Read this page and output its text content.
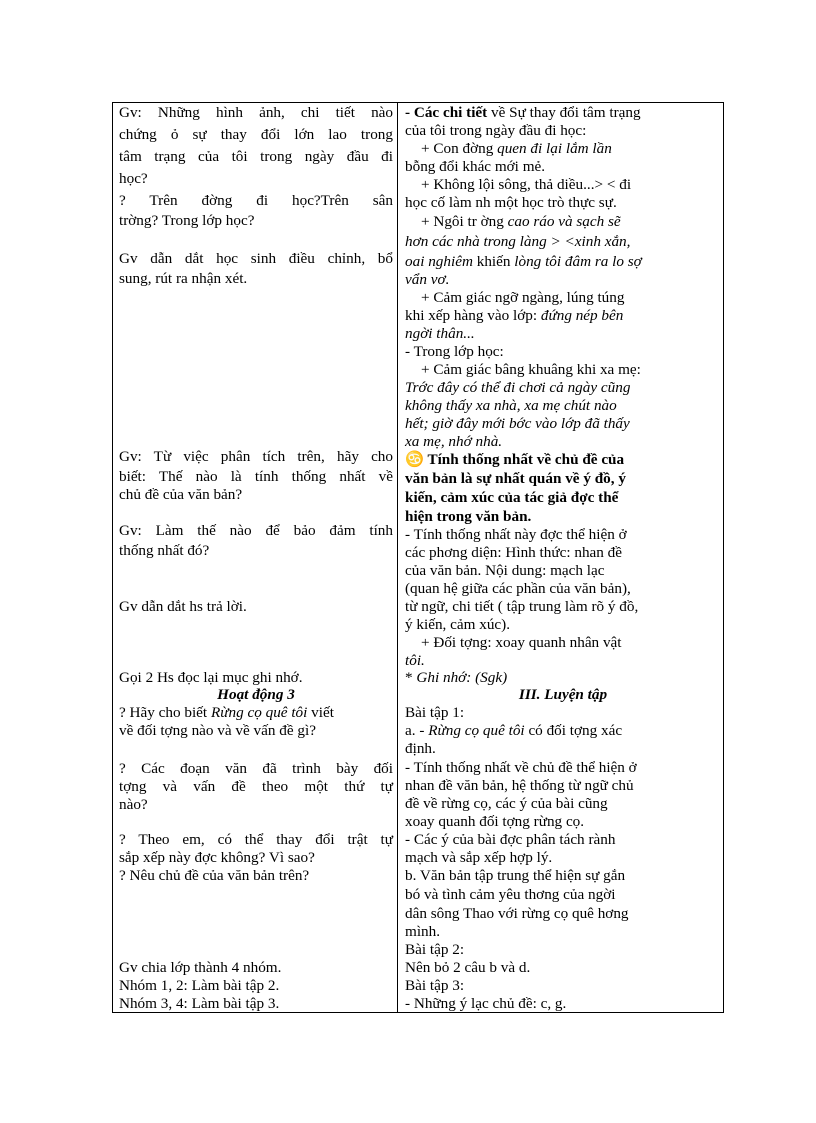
Gv: Những hình ảnh, chi tiết nào
chứng ỏ sự thay đổi lớn lao trong
tâm trạng của tôi trong ngày đầu đi
học?
? Trên đờng đi học?Trên sân
trờng? Trong lớp học?
Gv dẫn dắt học sinh điều chỉnh, bổ
sung, rút ra nhận xét.
Gv: Từ việc phân tích trên, hãy cho
biết: Thế nào là tính thống nhất về
chủ đề của văn bản?
Gv: Làm thế nào để bảo đảm tính
thống nhất đó?
Gv dẫn dắt hs trả lời.
Gọi 2 Hs đọc lại mục ghi nhớ.
Hoạt động 3
? Hãy cho biết Rừng cọ quê tôi viết
về đối tợng nào và về vấn đề gì?
? Các đoạn văn đã trình bày đối
tợng và vấn đề theo một thứ tự
nào?
? Theo em, có thể thay đổi trật tự
sắp xếp này đợc không? Vì sao?
? Nêu chủ đề của văn bản trên?
Gv chia lớp thành 4 nhóm.
Nhóm 1, 2: Làm bài tập 2.
Nhóm 3, 4: Làm bài tập 3.
- Các chi tiết về Sự thay đổi tâm trạng
của tôi trong ngày đầu đi học:
+ Con đờng quen đi lại lắm lần
bỗng đổi khác mới mẻ.
+ Không lội sông, thả diều...> < đi
học cố làm nh một học trò thực sự.
+ Ngôi tr ờng cao ráo và sạch sẽ
hơn các nhà trong làng > <xinh xắn,
oai nghiêm khiến lòng tôi đâm ra lo sợ
vẩn vơ.
+ Cảm giác ngỡ ngàng, lúng túng
khi xếp hàng vào lớp: đứng nép bên
ngời thân...
- Trong lớp học:
+ Cảm giác bâng khuâng khi xa mẹ:
Trớc đây có thể đi chơi cả ngày cũng
không thấy xa nhà, xa mẹ chút nào
hết; giờ đây mới bớc vào lớp đã thấy
xa mẹ, nhớ nhà.
♋ Tính thống nhất về chủ đề của
văn bản là sự nhất quán về ý đồ, ý
kiến, cảm xúc của tác giả đợc thể
hiện trong văn bản.
- Tính thống nhất này đợc thể hiện ở
các phơng diện: Hình thức: nhan đề
của văn bản. Nội dung: mạch lạc
(quan hệ giữa các phần của văn bản),
từ ngữ, chi tiết ( tập trung làm rõ ý đồ,
ý kiến, cảm xúc).
+ Đối tợng: xoay quanh nhân vật
tôi.
* Ghi nhớ: (Sgk)
III. Luyện tập
Bài tập 1:
a. - Rừng cọ quê tôi có đối tợng xác
định.
- Tính thống nhất về chủ đề thể hiện ở
nhan đề văn bản, hệ thống từ ngữ chủ
đề về rừng cọ, các ý của bài cũng
xoay quanh đối tợng rừng cọ.
- Các ý của bài đợc phân tách rành
mạch và sắp xếp hợp lý.
b. Văn bản tập trung thể hiện sự gắn
bó và tình cảm yêu thơng của ngời
dân sông Thao với rừng cọ quê hơng
mình.
Bài tập 2:
Nên bỏ 2 câu b và d.
Bài tập 3:
- Những ý lạc chủ đề: c, g.
